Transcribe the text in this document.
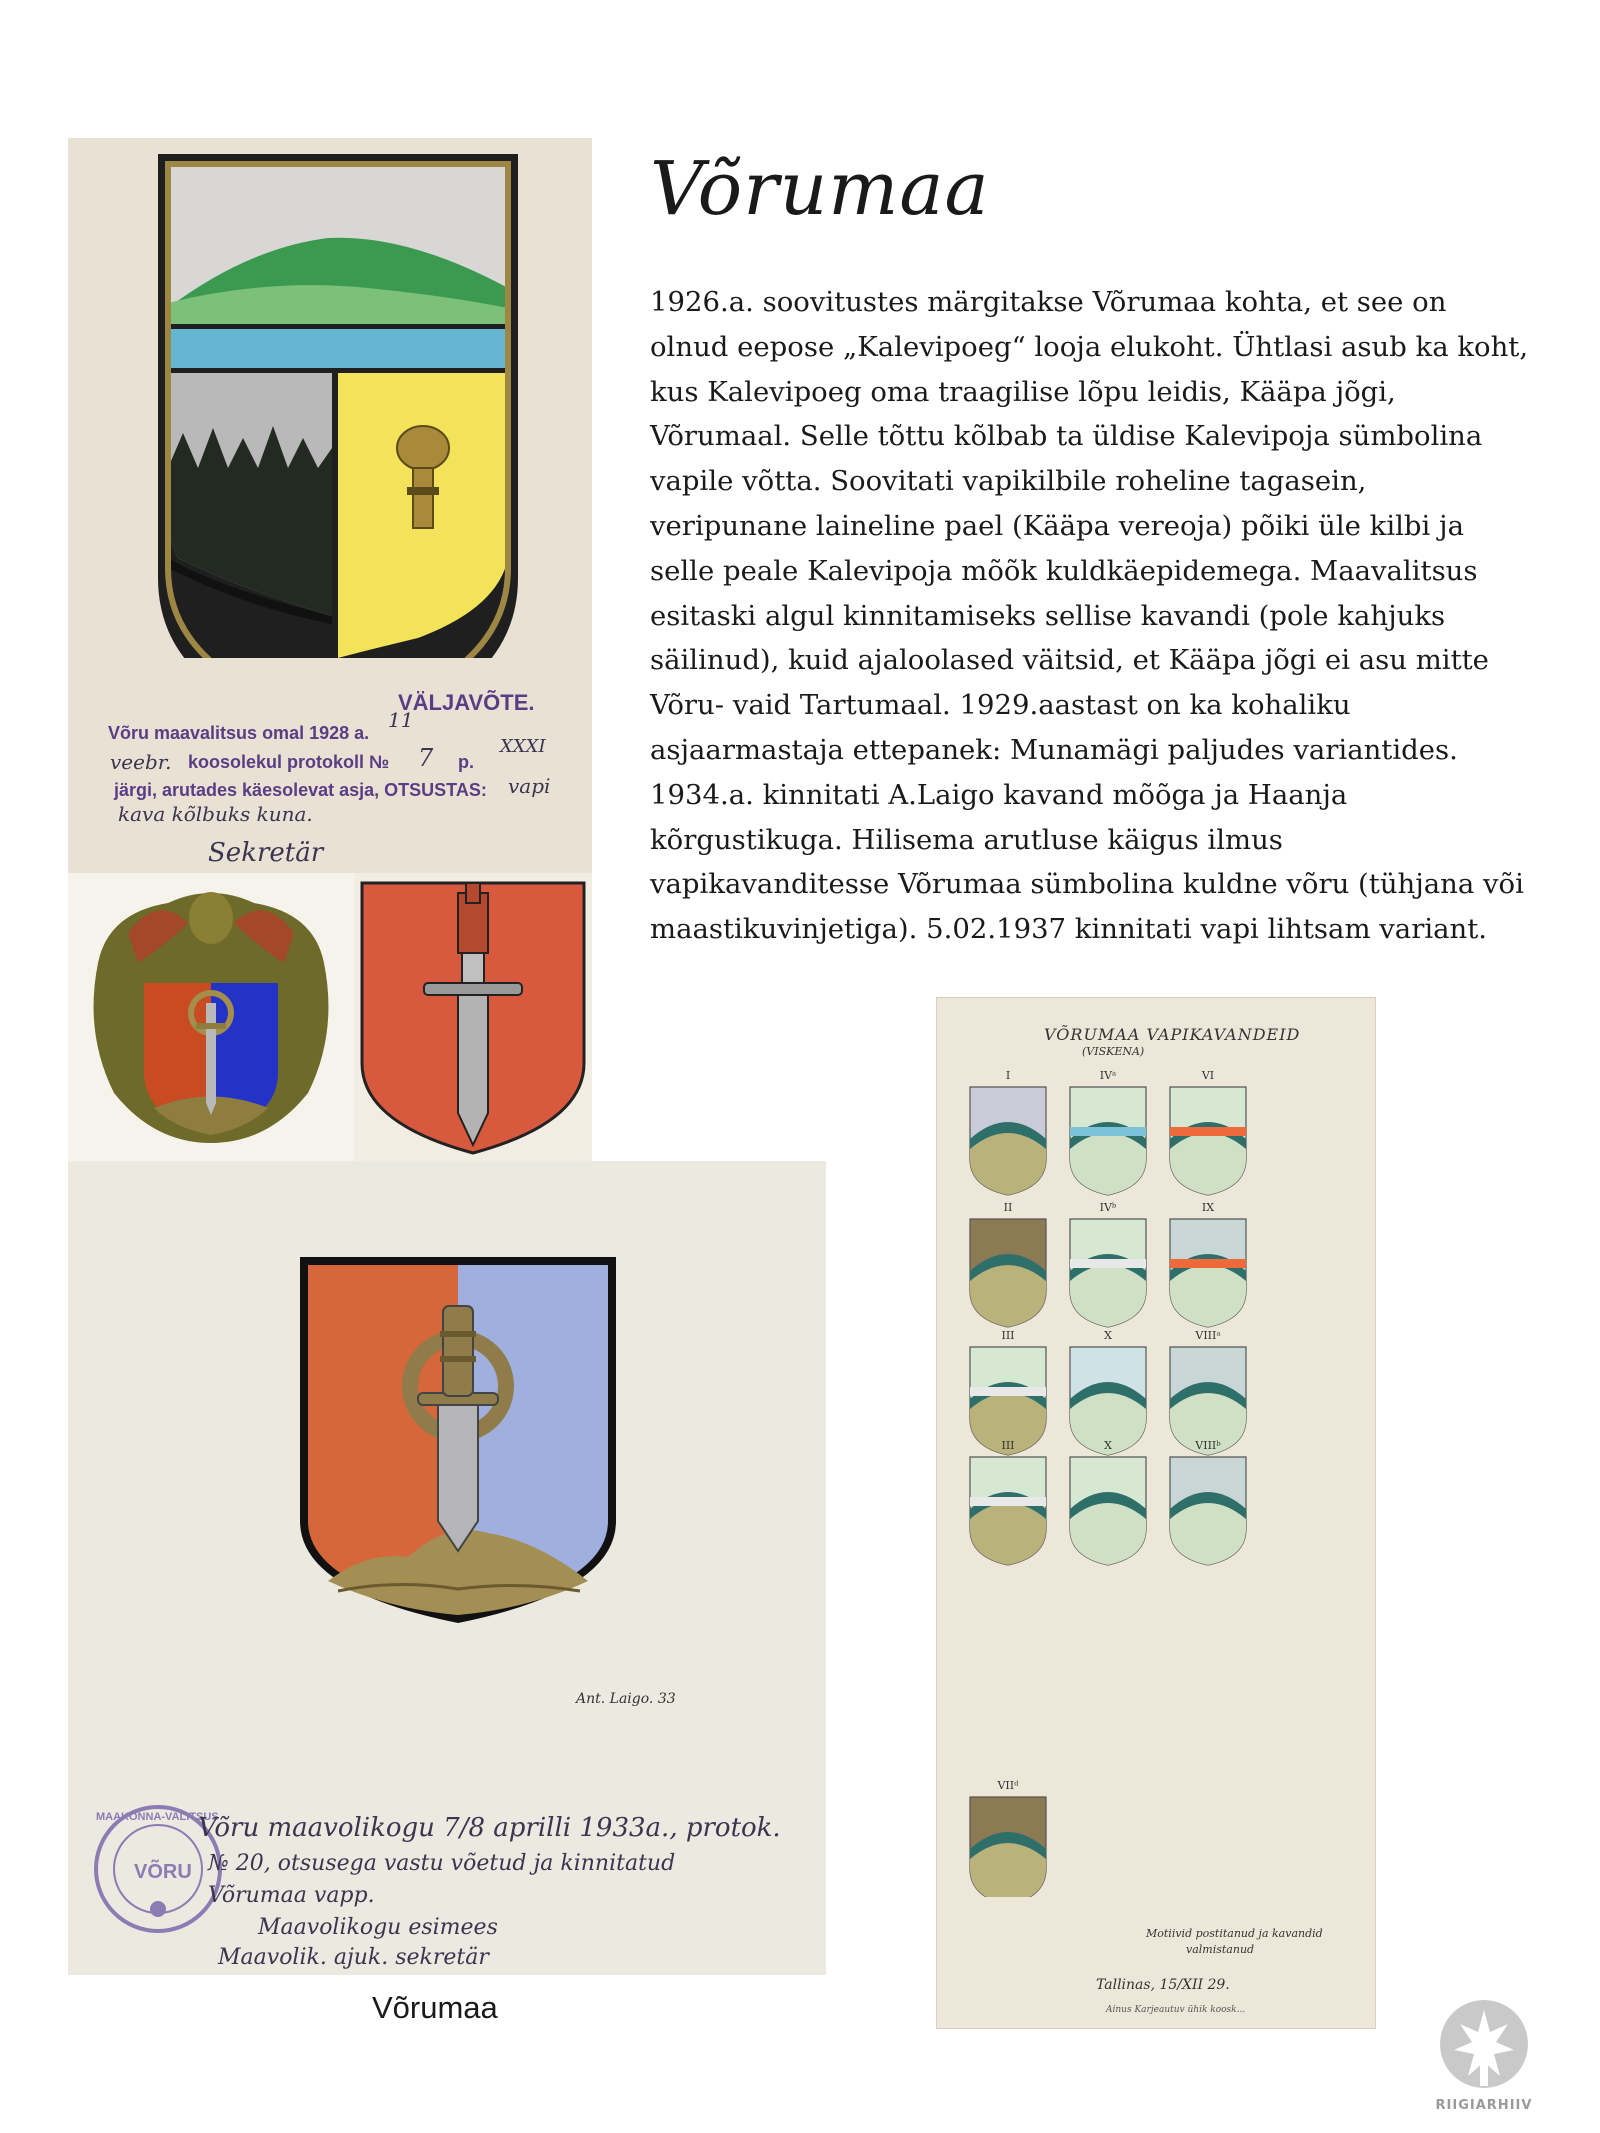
Võrumaa

1926.a. soovitustes märgitakse Võrumaa kohta, et see on olnud eepose „Kalevipoeg“ looja elukoht. Ühtlasi asub ka koht, kus Kalevipoeg oma traagilise lõpu leidis, Kääpa jõgi, Võrumaal. Selle tõttu kõlbab ta üldise Kalevipoja sümbolina vapile võtta. Soovitati vapikilbile roheline tagasein, veripunane laineline pael (Kääpa vereoja) põiki üle kilbi ja selle peale Kalevipoja mõõk kuldkäepidemega. Maavalitsus esitaski algul kinnitamiseks sellise kavandi (pole kahjuks säilinud), kuid ajaloolased väitsid, et Kääpa jõgi ei asu mitte Võru- vaid Tartumaal. 1929.aastast on ka kohaliku asjaarmastaja ettepanek: Munamägi paljudes variantides. 1934.a. kinnitati A.Laigo kavand mõõga ja Haanja kõrgustikuga. Hilisema arutluse käigus ilmus vapikavanditesse Võrumaa sümbolina kuldne võru (tühjana või maastikuvinjetiga). 5.02.1937 kinnitati vapi lihtsam variant.

Võrumaa

VÄLJAVÕTE.
Võru maavalitsus omal 1928 a.
11
veebr. koosolekul protokoll № 7 p.
XXXI
järgi, arutades käesolevat asja, OTSUSTAS: vapi
kava kõlbuks kuna.
Sekretär
Ant. Laigo. 33
MAAKONNA-VALITSUS
VÕRU
Võru maavolikogu 7/8 aprilli 1933a., protok.
№ 20, otsusega vastu võetud ja kinnitatud
Võrumaa vapp.
Maavolikogu esimees
Maavolik. ajuk. sekretär
VÕRUMAA VAPIKAVANDEID
(VISKENA)
I	IVᵃ	VI
II	IVᵇ	IX
III	X	VIIIᵃ
III	X	VIIIᵇ
VIIᵈ
Motiivid postitanud ja kavandid
valmistanud
Tallinas, 15/XII 29.
Ainus Karjeautuv ühik koosk...
RIIGIARHIIV
